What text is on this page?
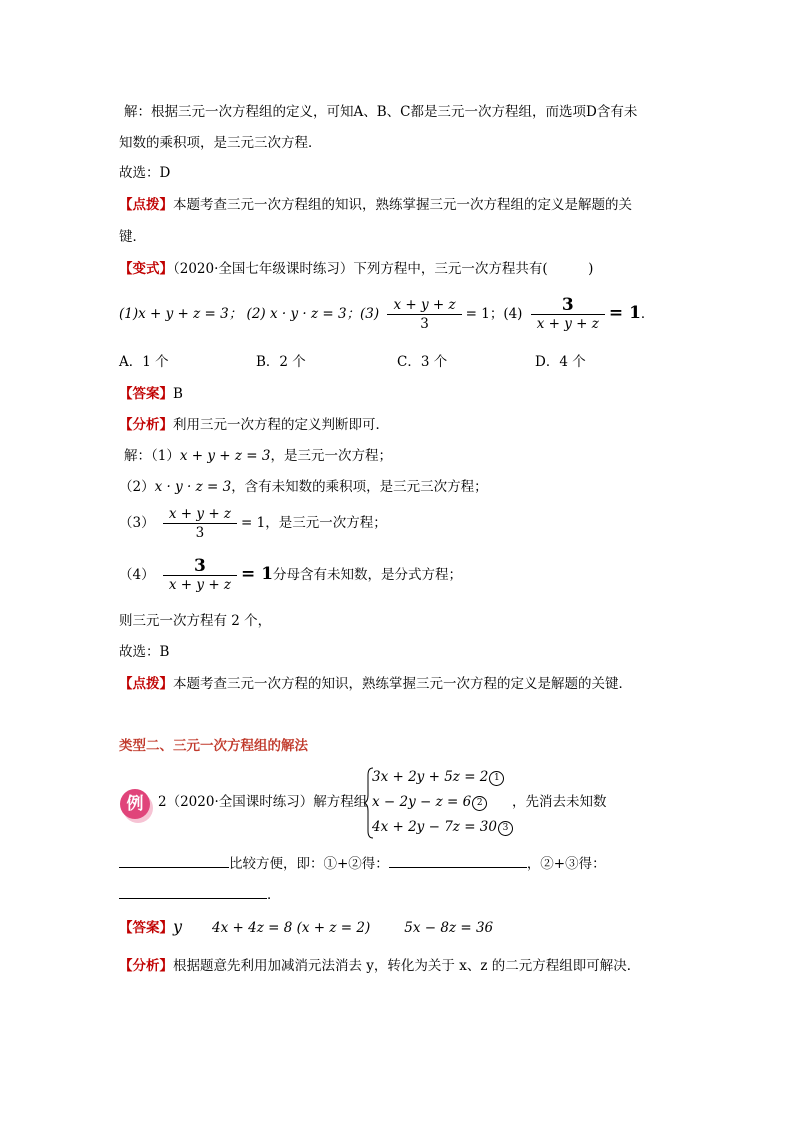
解：根据三元一次方程组的定义，可知A、B、C都是三元一次方程组，而选项D含有未
知数的乘积项，是三元三次方程．
故选：D
【点拨】本题考查三元一次方程组的知识，熟练掌握三元一次方程组的定义是解题的关
键．
【变式】（2020·全国七年级课时练习）下列方程中，三元一次方程共有(　　　)
(1)x + y + z = 3； (2) x · y · z = 3；$(3) \frac{x + y + z}{3} = 1$；$(4) \frac{3}{x + y + z} = 1$．
A．1 个	B．2 个	C．3 个	D．4 个
【答案】B
【分析】利用三元一次方程的定义判断即可．
解：（1）x + y + z = 3，是三元一次方程；
（2）x · y · z = 3，含有未知数的乘积项，是三元三次方程；
$(3) \frac{x + y + z}{3} = 1$，是三元一次方程；
$(4) \frac{3}{x + y + z} = 1$分母含有未知数，是分式方程；
则三元一次方程有 2 个，
故选：B
【点拨】本题考查三元一次方程的知识，熟练掌握三元一次方程的定义是解题的关键．
类型二、三元一次方程组的解法
例	2（2020·全国课时练习）解方程组
3x + 2y + 5z = 2 1
x − 2y − z = 6 2
4x + 2y − 7z = 30 3
，先消去未知数
比较方便，即：①+②得：	，②+③得：
．
【答案】y 4x + 4z = 8 (x + z = 2)	5x − 8z = 36
【分析】根据题意先利用加减消元法消去 y，转化为关于 x、z 的二元方程组即可解决．
